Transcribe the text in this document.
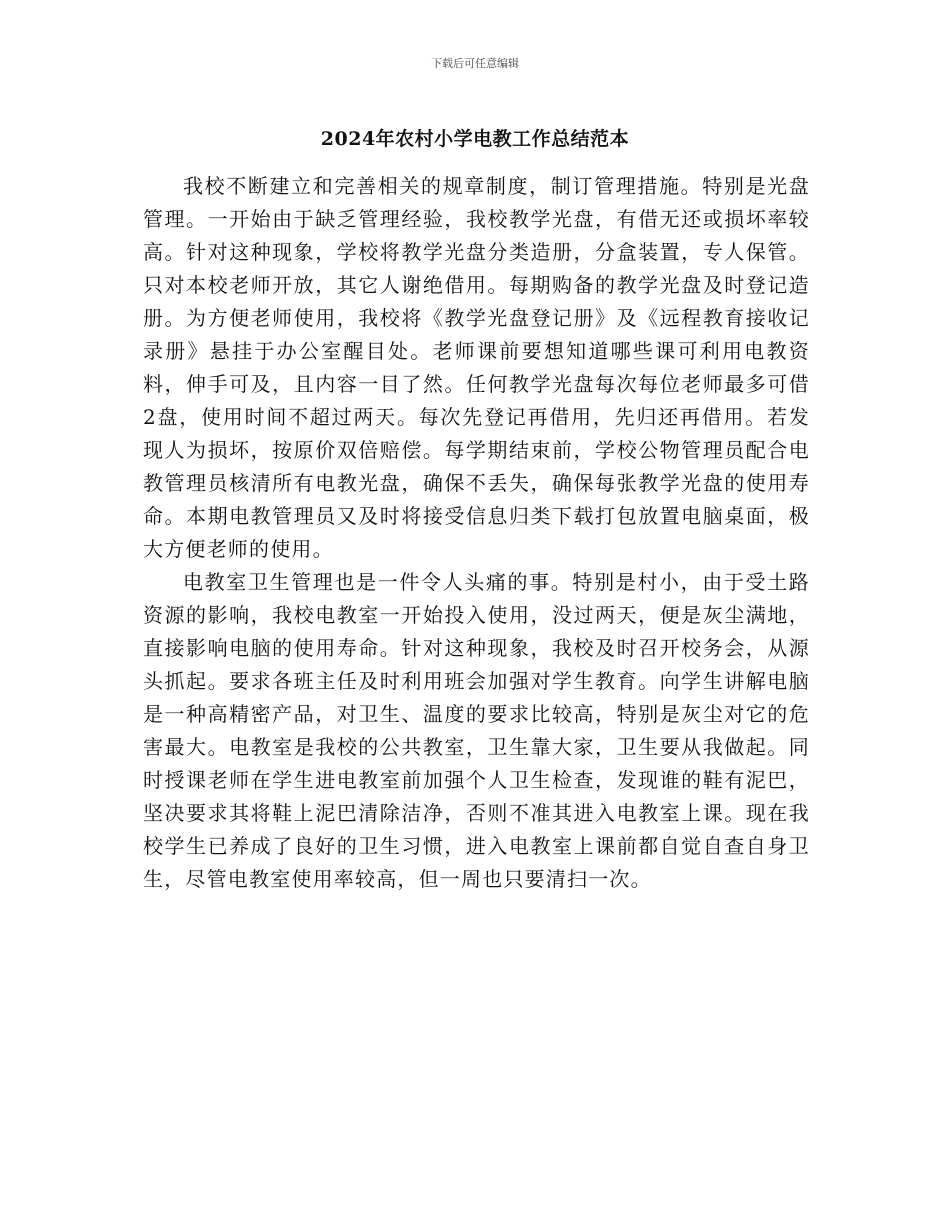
下载后可任意编辑
2024年农村小学电教工作总结范本

我校不断建立和完善相关的规章制度，制订管理措施。特别是光盘管理。一开始由于缺乏管理经验，我校教学光盘，有借无还或损坏率较高。针对这种现象，学校将教学光盘分类造册，分盒装置，专人保管。只对本校老师开放，其它人谢绝借用。每期购备的教学光盘及时登记造册。为方便老师使用，我校将《教学光盘登记册》及《远程教育接收记录册》悬挂于办公室醒目处。老师课前要想知道哪些课可利用电教资料，伸手可及，且内容一目了然。任何教学光盘每次每位老师最多可借2盘，使用时间不超过两天。每次先登记再借用，先归还再借用。若发现人为损坏，按原价双倍赔偿。每学期结束前，学校公物管理员配合电教管理员核清所有电教光盘，确保不丢失，确保每张教学光盘的使用寿命。本期电教管理员又及时将接受信息归类下载打包放置电脑桌面，极大方便老师的使用。

电教室卫生管理也是一件令人头痛的事。特别是村小，由于受土路资源的影响，我校电教室一开始投入使用，没过两天，便是灰尘满地，直接影响电脑的使用寿命。针对这种现象，我校及时召开校务会，从源头抓起。要求各班主任及时利用班会加强对学生教育。向学生讲解电脑是一种高精密产品，对卫生、温度的要求比较高，特别是灰尘对它的危害最大。电教室是我校的公共教室，卫生靠大家，卫生要从我做起。同时授课老师在学生进电教室前加强个人卫生检查，发现谁的鞋有泥巴，坚决要求其将鞋上泥巴清除洁净，否则不准其进入电教室上课。现在我校学生已养成了良好的卫生习惯，进入电教室上课前都自觉自查自身卫生，尽管电教室使用率较高，但一周也只要清扫一次。
